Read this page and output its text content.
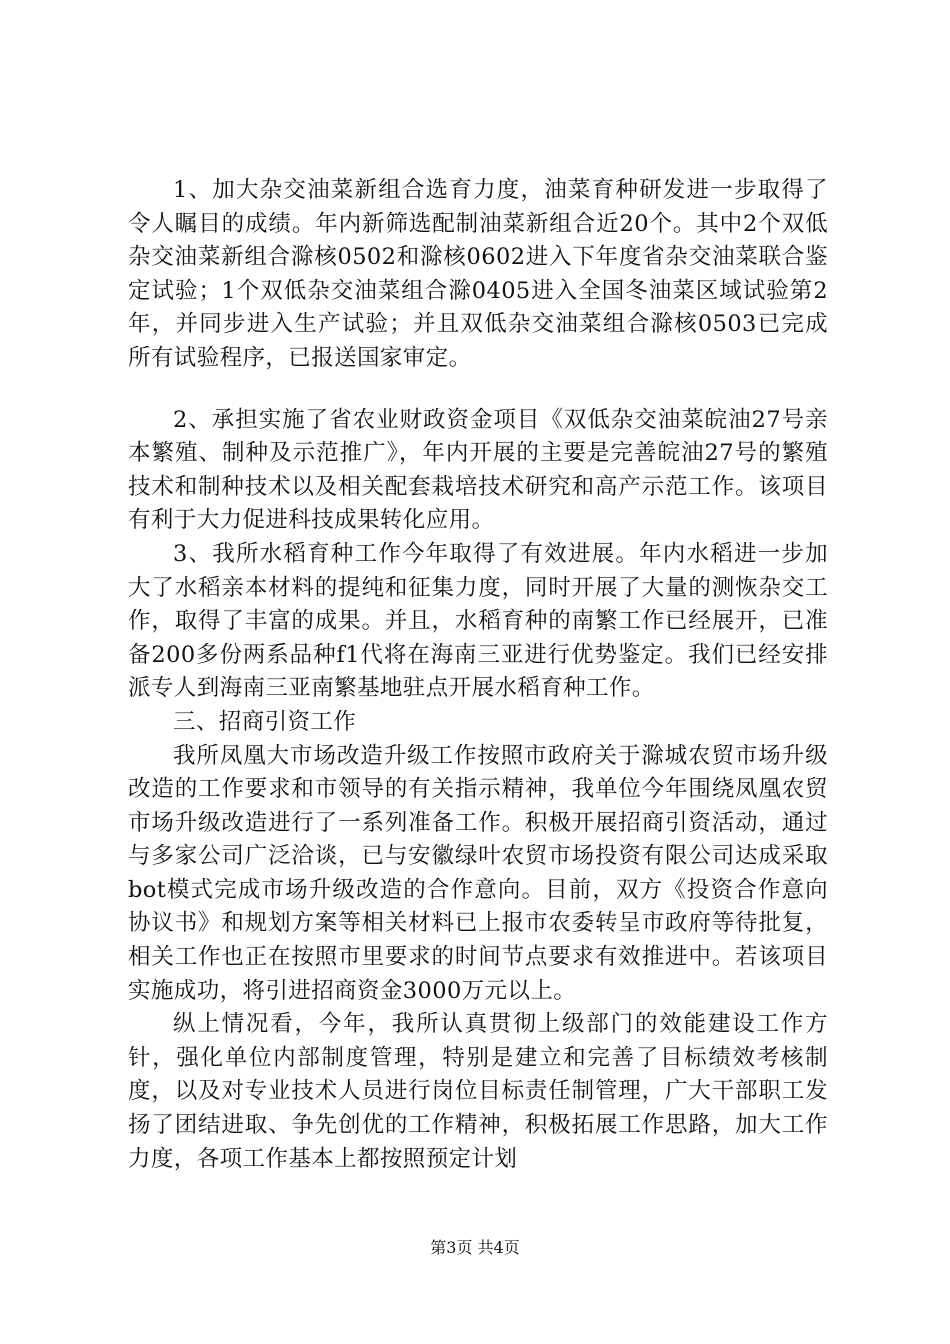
1、加大杂交油菜新组合选育力度，油菜育种研发进一步取得了令人瞩目的成绩。年内新筛选配制油菜新组合近20个。其中2个双低杂交油菜新组合滁核0502和滁核0602进入下年度省杂交油菜联合鉴定试验；1个双低杂交油菜组合滁0405进入全国冬油菜区域试验第2年，并同步进入生产试验；并且双低杂交油菜组合滁核0503已完成所有试验程序，已报送国家审定。

2、承担实施了省农业财政资金项目《双低杂交油菜皖油27号亲本繁殖、制种及示范推广》，年内开展的主要是完善皖油27号的繁殖技术和制种技术以及相关配套栽培技术研究和高产示范工作。该项目有利于大力促进科技成果转化应用。

3、我所水稻育种工作今年取得了有效进展。年内水稻进一步加大了水稻亲本材料的提纯和征集力度，同时开展了大量的测恢杂交工作，取得了丰富的成果。并且，水稻育种的南繁工作已经展开，已准备200多份两系品种f1代将在海南三亚进行优势鉴定。我们已经安排派专人到海南三亚南繁基地驻点开展水稻育种工作。

三、招商引资工作

我所凤凰大市场改造升级工作按照市政府关于滁城农贸市场升级改造的工作要求和市领导的有关指示精神，我单位今年围绕凤凰农贸市场升级改造进行了一系列准备工作。积极开展招商引资活动，通过与多家公司广泛洽谈，已与安徽绿叶农贸市场投资有限公司达成采取bot模式完成市场升级改造的合作意向。目前，双方《投资合作意向协议书》和规划方案等相关材料已上报市农委转呈市政府等待批复，相关工作也正在按照市里要求的时间节点要求有效推进中。若该项目实施成功，将引进招商资金3000万元以上。

纵上情况看，今年，我所认真贯彻上级部门的效能建设工作方针，强化单位内部制度管理，特别是建立和完善了目标绩效考核制度，以及对专业技术人员进行岗位目标责任制管理，广大干部职工发扬了团结进取、争先创优的工作精神，积极拓展工作思路，加大工作力度，各项工作基本上都按照预定计划

第3页 共4页
